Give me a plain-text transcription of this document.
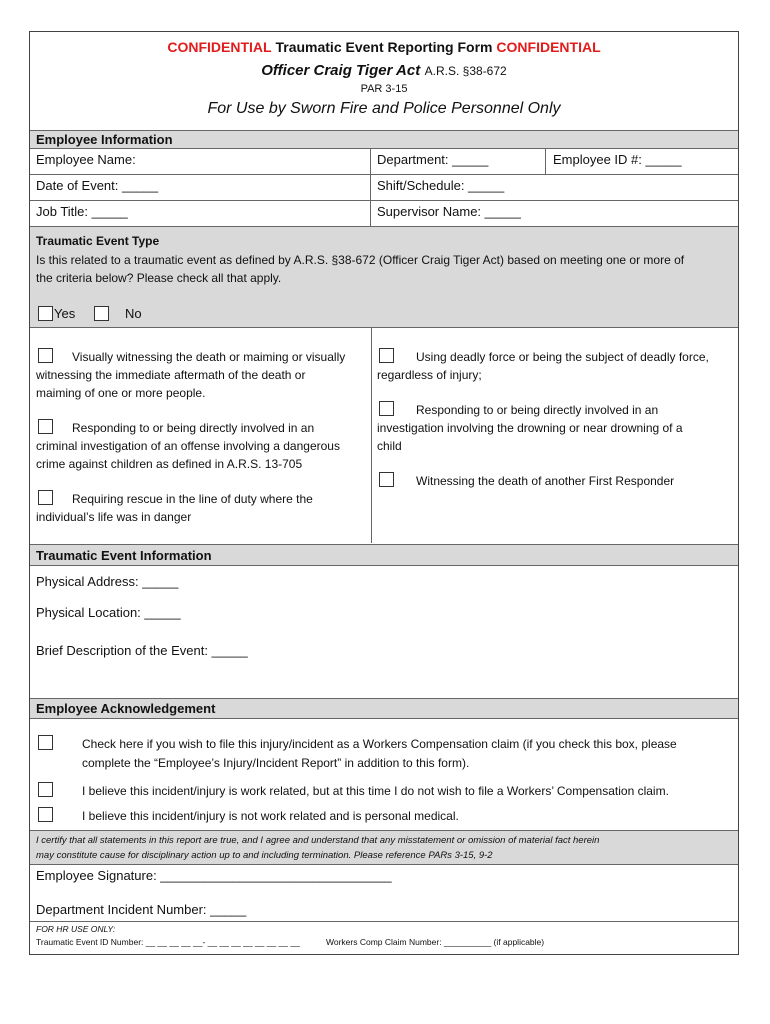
CONFIDENTIAL Traumatic Event Reporting Form CONFIDENTIAL
Officer Craig Tiger Act A.R.S. §38-672
PAR 3-15
For Use by Sworn Fire and Police Personnel Only
Employee Information
Employee Name:	Department: _____	Employee ID #: _____
Date of Event: _____	Shift/Schedule: _____
Job Title: _____	Supervisor Name: _____
Traumatic Event Type
Is this related to a traumatic event as defined by A.R.S. §38-672 (Officer Craig Tiger Act) based on meeting one or more of
the criteria below? Please check all that apply.
Yes	No
Visually witnessing the death or maiming or visually
witnessing the immediate aftermath of the death or
maiming of one or more people.
Responding to or being directly involved in an
criminal investigation of an offense involving a dangerous
crime against children as defined in A.R.S. 13-705
Requiring rescue in the line of duty where the
individual’s life was in danger
Using deadly force or being the subject of deadly force,
regardless of injury;
Responding to or being directly involved in an
investigation involving the drowning or near drowning of a
child
Witnessing the death of another First Responder
Traumatic Event Information
Physical Address: _____
Physical Location: _____
Brief Description of the Event: _____
Employee Acknowledgement
Check here if you wish to file this injury/incident as a Workers Compensation claim (if you check this box, please
complete the “Employee’s Injury/Incident Report” in addition to this form).
I believe this incident/injury is work related, but at this time I do not wish to file a Workers’ Compensation claim.
I believe this incident/injury is not work related and is personal medical.
I certify that all statements in this report are true, and I agree and understand that any misstatement or omission of material fact herein
may constitute cause for disciplinary action up to and including termination. Please reference PARs 3-15, 9-2
Employee Signature: ________________________________
Department Incident Number: _____
FOR HR USE ONLY:
Traumatic Event ID Number: __ __ __ __ __- __ __ __ __ __ __ __ __	Workers Comp Claim Number: __________ (if applicable)
